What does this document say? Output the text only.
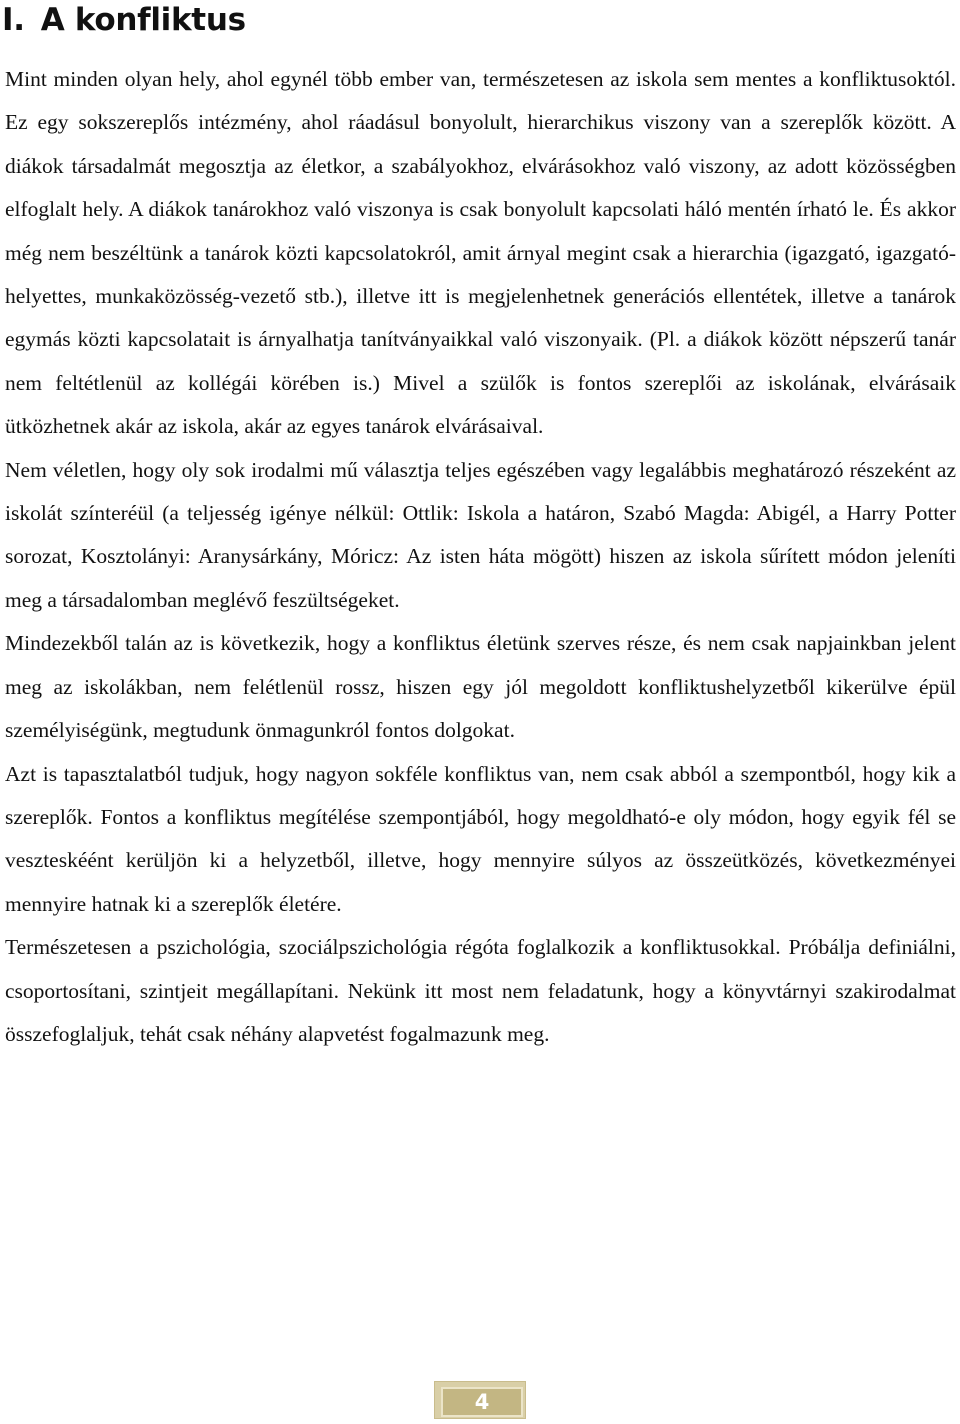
I. A konfliktus

Mint minden olyan hely, ahol egynél több ember van, természetesen az iskola sem mentes a konfliktusoktól. Ez egy sokszereplős intézmény, ahol ráadásul bonyolult, hierarchikus viszony van a szereplők között. A diákok társadalmát megosztja az életkor, a szabályokhoz, elvárásokhoz való viszony, az adott közösségben elfoglalt hely. A diákok tanárokhoz való viszonya is csak bonyolult kapcsolati háló mentén írható le. És akkor még nem beszéltünk a tanárok közti kapcsolatokról, amit árnyal megint csak a hierarchia (igazgató, igazgató-helyettes, munkaközösség-vezető stb.), illetve itt is megjelenhetnek generációs ellentétek, illetve a tanárok egymás közti kapcsolatait is árnyalhatja tanítványaikkal való viszonyaik. (Pl. a diákok között népszerű tanár nem feltétlenül az kollégái körében is.) Mivel a szülők is fontos szereplői az iskolának, elvárásaik ütközhetnek akár az iskola, akár az egyes tanárok elvárásaival.

Nem véletlen, hogy oly sok irodalmi mű választja teljes egészében vagy legalábbis meghatározó részeként az iskolát színteréül (a teljesség igénye nélkül: Ottlik: Iskola a határon, Szabó Magda: Abigél, a Harry Potter sorozat, Kosztolányi: Aranysárkány, Móricz: Az isten háta mögött) hiszen az iskola sűrített módon jeleníti meg a társadalomban meglévő feszültségeket.

Mindezekből talán az is következik, hogy a konfliktus életünk szerves része, és nem csak napjainkban jelent meg az iskolákban, nem felétlenül rossz, hiszen egy jól megoldott konfliktushelyzetből kikerülve épül személyiségünk, megtudunk önmagunkról fontos dolgokat.

Azt is tapasztalatból tudjuk, hogy nagyon sokféle konfliktus van, nem csak abból a szempontból, hogy kik a szereplők. Fontos a konfliktus megítélése szempontjából, hogy megoldható-e oly módon, hogy egyik fél se veszteskéént kerüljön ki a helyzetből, illetve, hogy mennyire súlyos az összeütközés, következményei mennyire hatnak ki a szereplők életére.

Természetesen a pszichológia, szociálpszichológia régóta foglalkozik a konfliktusokkal. Próbálja definiálni, csoportosítani, szintjeit megállapítani. Nekünk itt most nem feladatunk, hogy a könyvtárnyi szakirodalmat összefoglaljuk, tehát csak néhány alapvetést fogalmazunk meg.

4
